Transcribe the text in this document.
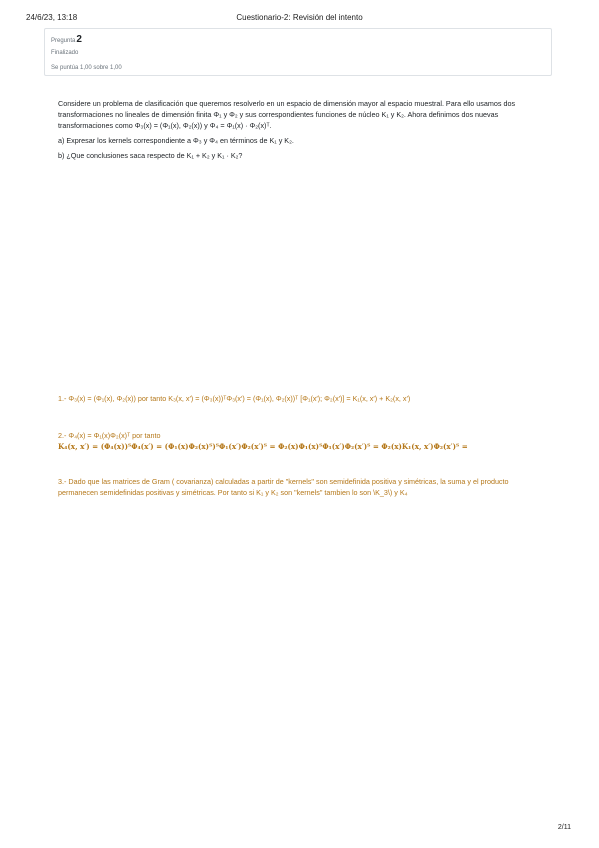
24/6/23, 13:18	Cuestionario-2: Revisión del intento
Pregunta2
Finalizado
Se puntúa 1,00 sobre 1,00

Considere un problema de clasificación que queremos resolverlo en un espacio de dimensión mayor al espacio muestral. Para ello usamos dos transformaciones no lineales de dimensión finita Φ₁ y Φ₂ y sus correspondientes funciones de núcleo K₁ y K₂. Ahora definimos dos nuevas transformaciones como Φ₃(x) = (Φ₁(x), Φ₂(x)) y Φ₄ = Φ₁(x) · Φ₂(x)ᵀ.

a) Expresar los kernels correspondiente a Φ₃ y Φ₄ en términos de K₁ y K₂.

b) ¿Que conclusiones saca respecto de K₁ + K₂ y K₁ · K₂?

1.- Φ₃(x) = (Φ₁(x), Φ₂(x)) por tanto K₃(x, x′) = (Φ₃(x))ᵀΦ₃(x′) = (Φ₁(x), Φ₂(x))ᵀ [Φ₁(x′); Φ₂(x′)] = K₁(x, x′) + K₂(x, x′)
2.- Φ₄(x) = Φ₁(x)Φ₂(x)ᵀ por tanto
K₄(x, x′) = (Φ₄(x))ᵀΦ₄(x′) = (Φ₁(x)Φ₂(x)ᵀ)ᵀΦ₁(x′)Φ₂(x′)ᵀ = Φ₂(x)Φ₁(x)ᵀΦ₁(x′)Φ₂(x′)ᵀ = Φ₂(x)K₁(x, x′)Φ₂(x′)ᵀ =
3.- Dado que las matrices de Gram ( covarianza) calculadas a partir de "kernels" son semidefinida positiva y simétricas, la suma y el producto permanecen semidefinidas positivas y simétricas. Por tanto si K₁ y K₂ son "kernels" tambien lo son \K_3\) y K₄
2/11
